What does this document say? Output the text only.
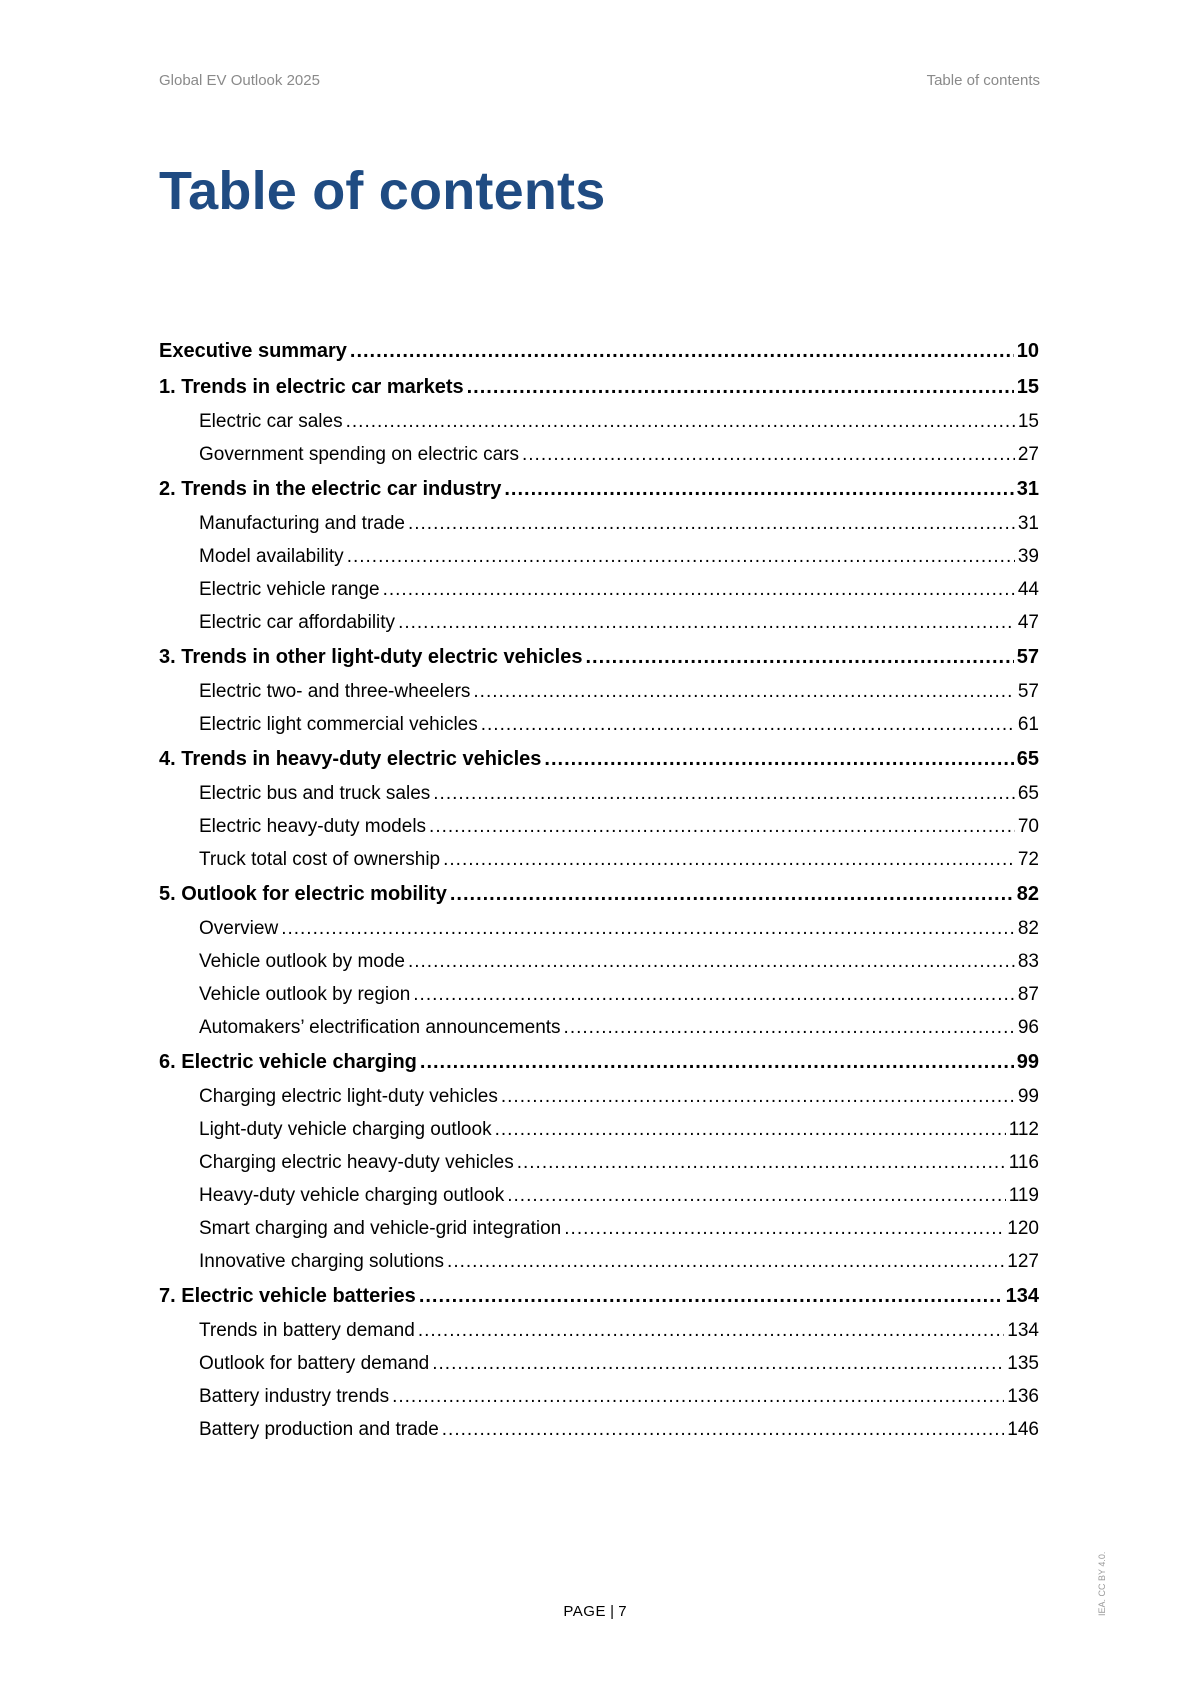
Global EV Outlook 2025	Table of contents
Table of contents
Executive summary .....	10
1. Trends in electric car markets .....	15
Electric car sales .....	15
Government spending on electric cars .....	27
2. Trends in the electric car industry .....	31
Manufacturing and trade .....	31
Model availability .....	39
Electric vehicle range .....	44
Electric car affordability .....	47
3. Trends in other light-duty electric vehicles .....	57
Electric two- and three-wheelers .....	57
Electric light commercial vehicles .....	61
4. Trends in heavy-duty electric vehicles .....	65
Electric bus and truck sales .....	65
Electric heavy-duty models .....	70
Truck total cost of ownership .....	72
5. Outlook for electric mobility .....	82
Overview .....	82
Vehicle outlook by mode .....	83
Vehicle outlook by region .....	87
Automakers’ electrification announcements .....	96
6. Electric vehicle charging .....	99
Charging electric light-duty vehicles .....	99
Light-duty vehicle charging outlook .....	112
Charging electric heavy-duty vehicles .....	116
Heavy-duty vehicle charging outlook .....	119
Smart charging and vehicle-grid integration .....	120
Innovative charging solutions .....	127
7. Electric vehicle batteries .....	134
Trends in battery demand .....	134
Outlook for battery demand .....	135
Battery industry trends .....	136
Battery production and trade .....	146
PAGE | 7	IEA. CC BY 4.0.
